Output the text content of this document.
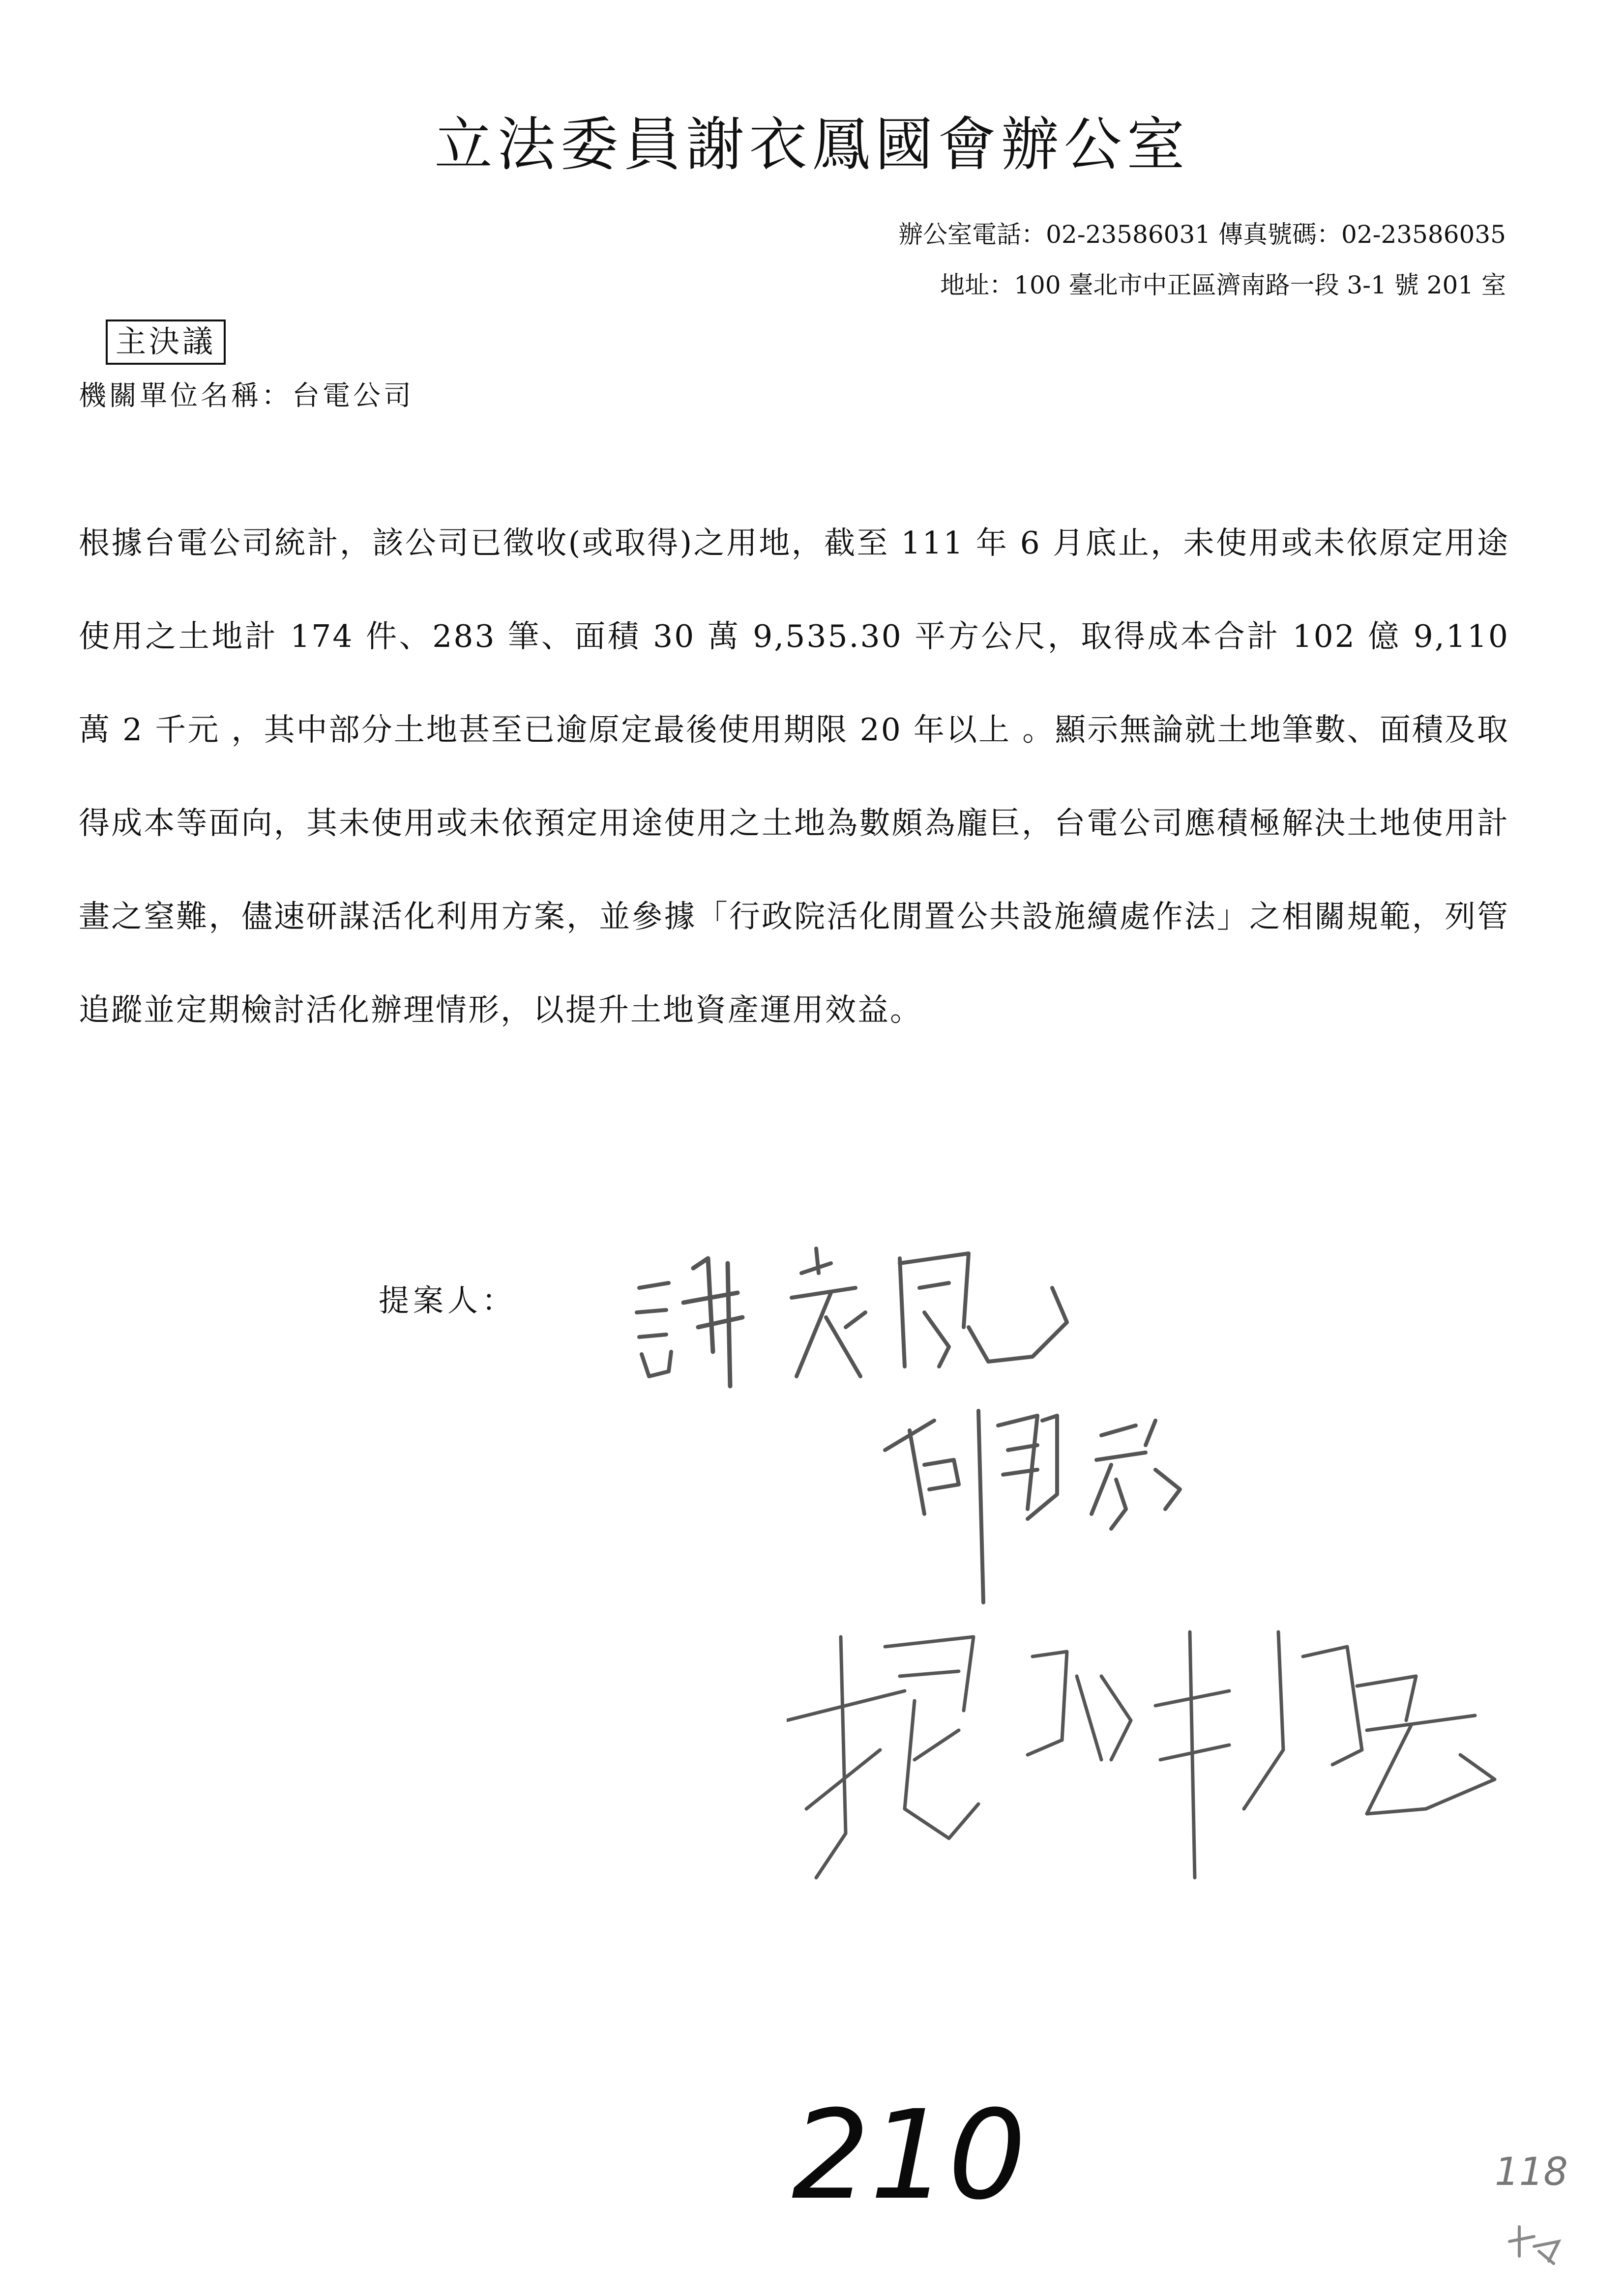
立法委員謝衣鳳國會辦公室
辦公室電話：02-23586031 傳真號碼：02-23586035
地址：100 臺北市中正區濟南路一段 3-1 號 201 室
主決議
機關單位名稱：台電公司
根據台電公司統計，該公司已徵收(或取得)之用地，截至 111 年 6 月底止，未使用或未依原定用途使用之土地計 174 件、283 筆、面積 30 萬 9,535.30 平方公尺，取得成本合計 102 億 9,110 萬 2 千元 ，其中部分土地甚至已逾原定最後使用期限 20 年以上 。顯示無論就土地筆數、面積及取得成本等面向，其未使用或未依預定用途使用之土地為數頗為龐巨，台電公司應積極解決土地使用計畫之窒難，儘速研謀活化利用方案，並參據「行政院活化閒置公共設施續處作法」之相關規範，列管追蹤並定期檢討活化辦理情形，以提升土地資產運用效益。
提案人：
210	118
